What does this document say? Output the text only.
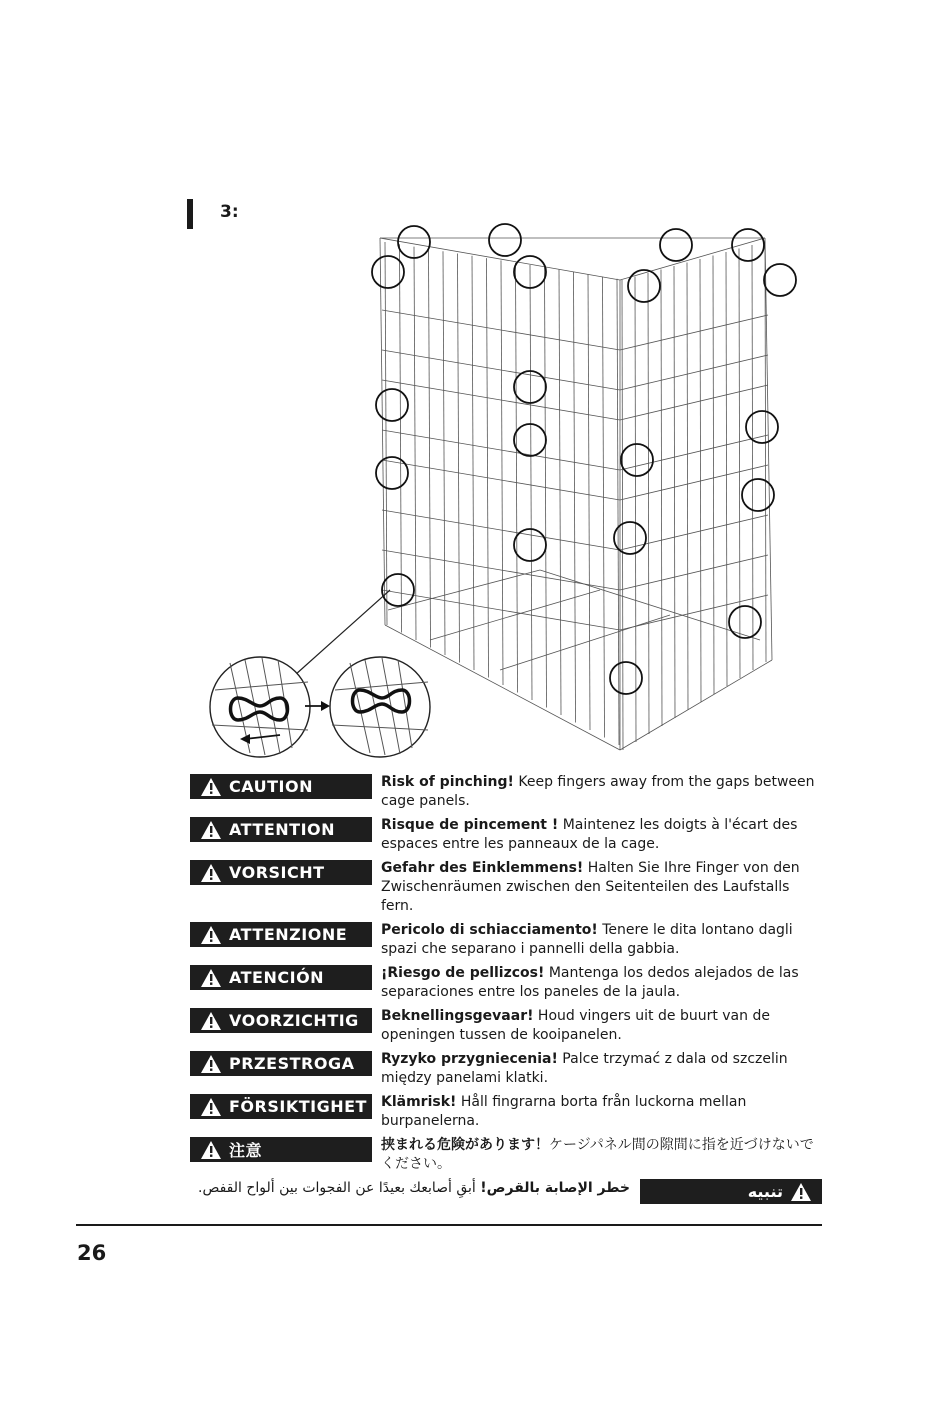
3:
CAUTION	Risk of pinching! Keep fingers away from the gaps between cage panels.
ATTENTION	Risque de pincement ! Maintenez les doigts à l'écart des espaces entre les panneaux de la cage.
VORSICHT	Gefahr des Einklemmens! Halten Sie Ihre Finger von den Zwischenräumen zwischen den Seitenteilen des Laufstalls fern.
ATTENZIONE Pericolo di schiacciamento! Tenere le dita lontano dagli spazi che separano i pannelli della gabbia.
ATENCIÓN	¡Riesgo de pellizcos! Mantenga los dedos alejados de las separaciones entre los paneles de la jaula.
VOORZICHTIG Beknellingsgevaar! Houd vingers uit de buurt van de openingen tussen de kooipanelen.
PRZESTROGA Ryzyko przygniecenia! Palce trzymać z dala od szczelin między panelami klatki.
FÖRSIKTIGHET Klämrisk! Håll fingrarna borta från luckorna mellan burpanelerna.
注意	挟まれる危険があります！ケージパネル間の隙間に指を近づけないでください。
خطر الإصابة بالقرص! أبقِ أصابعك بعيدًا عن الفجوات بين ألواح القفص.	تنبيه
26
